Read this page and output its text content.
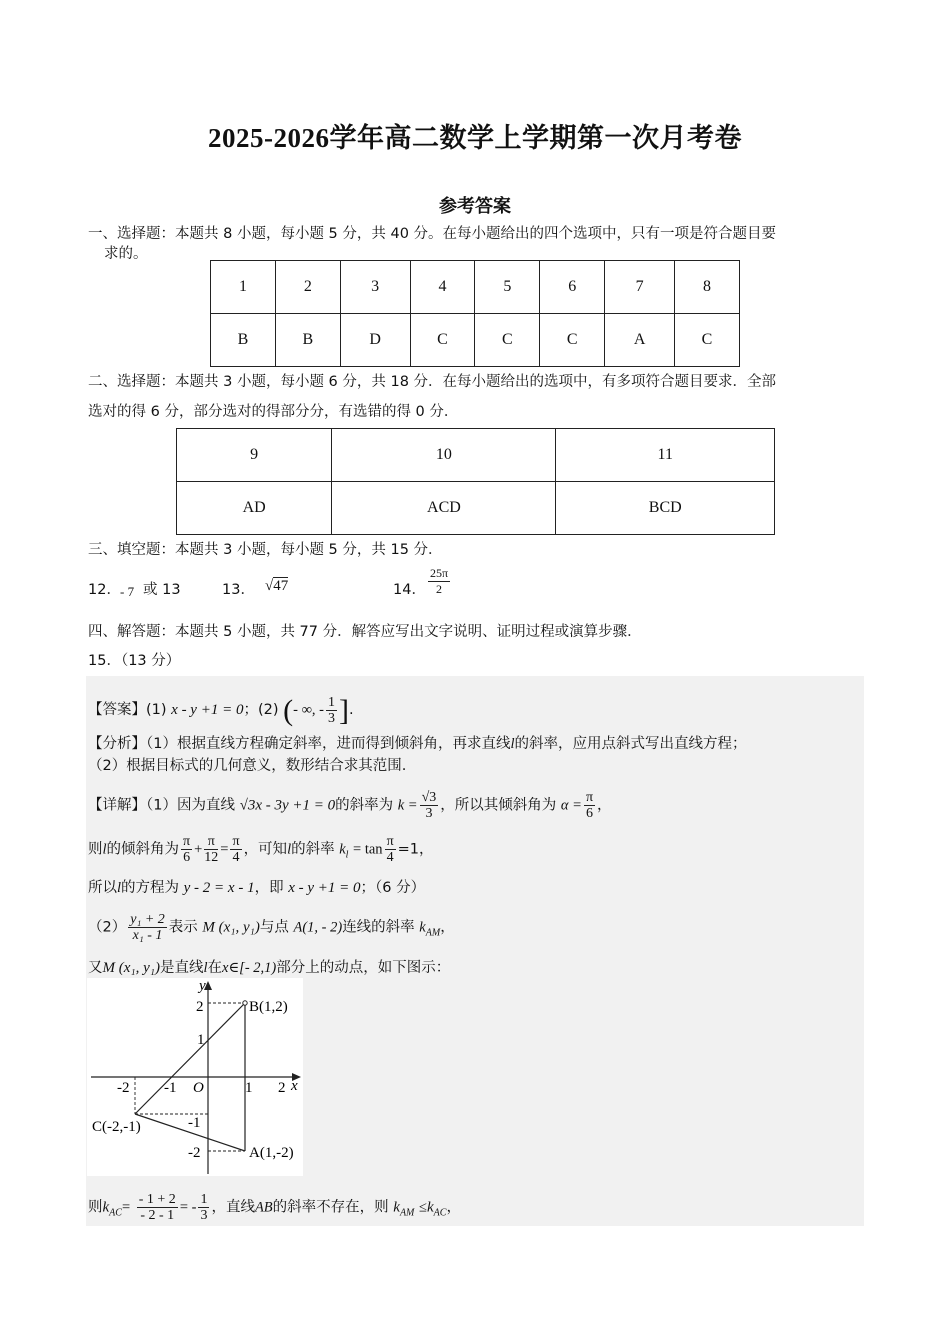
2025-2026学年高二数学上学期第一次月考卷
参考答案
一、选择题：本题共 8 小题，每小题 5 分，共 40 分。在每小题给出的四个选项中，只有一项是符合题目要
求的。
1	2	3	4	5	6	7	8
B	B	D	C	C	C	A	C
二、选择题：本题共 3 小题，每小题 6 分，共 18 分．在每小题给出的选项中，有多项符合题目要求．全部
选对的得 6 分，部分选对的得部分分，有选错的得 0 分．
9	10	11
AD	ACD	BCD
三、填空题：本题共 3 小题，每小题 5 分，共 15 分．
12． - 7 或 13	13． √47	14． $\frac{25\pi}{2}$
四、解答题：本题共 5 小题，共 77 分．解答应写出文字说明、证明过程或演算步骤．
15．（13 分）
【答案】(1) x - y +1 = 0；(2) (- ∞, - $\frac{1}{3}$ ].
【分析】（1）根据直线方程确定斜率，进而得到倾斜角，再求直线l的斜率，应用点斜式写出直线方程；
（2）根据目标式的几何意义，数形结合求其范围.
【详解】（1）因为直线 √3x - 3y +1 = 0的斜率为 $k = \frac{√3}{3}$ ，所以其倾斜角为 $\alpha = \frac{\pi}{6}$ ，
则l的倾斜角为 $\frac{\pi}{6} + \frac{\pi}{12} = \frac{\pi}{4}$ ，可知l的斜率 $k_l = \tan \frac{\pi}{4} =1$，
所以l的方程为 y - 2 = x - 1，即 x - y +1 = 0；（6 分）
$(2) \frac{\text{y₁ + 2}}{\text{x₁ - 1}}$ 表示 M (x₁, y₁)与点 A(1, - 2)连线的斜率 $k_{AM}$，
又M (x₁, y₁)是直线l在x∈[- 2,1)部分上的动点，如下图示：
y
x
O
-2 -1	1 2
2
1
-1
-2
B(1,2)
C(-2,-1)
A(1,-2)
则$k_{AC}= \frac{- 1 + 2}{- 2 - 1}$ = - $\frac{1}{3}$ ，直线AB的斜率不存在，则 $k_{AM} \le k_{AC}$，
